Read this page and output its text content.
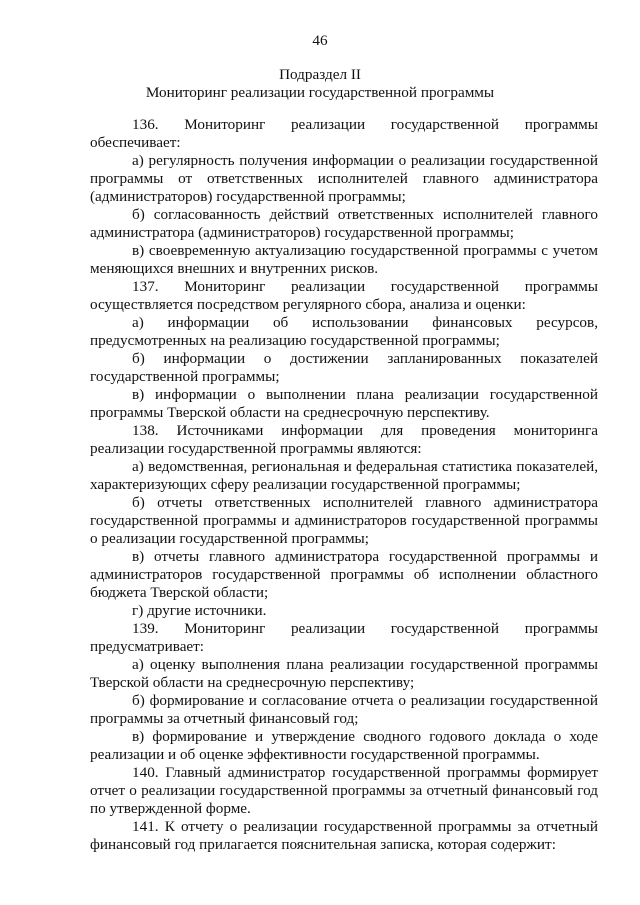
46
Подраздел II
Мониторинг реализации государственной программы

136. Мониторинг реализации государственной программы обеспечивает:

а) регулярность получения информации о реализации государственной программы от ответственных исполнителей главного администратора (администраторов) государственной программы;

б) согласованность действий ответственных исполнителей главного администратора (администраторов) государственной программы;

в) своевременную актуализацию государственной программы с учетом меняющихся внешних и внутренних рисков.

137. Мониторинг реализации государственной программы осуществляется посредством регулярного сбора, анализа и оценки:

а) информации об использовании финансовых ресурсов, предусмотренных на реализацию государственной программы;

б) информации о достижении запланированных показателей государственной программы;

в) информации о выполнении плана реализации государственной программы Тверской области на среднесрочную перспективу.

138. Источниками информации для проведения мониторинга реализации государственной программы являются:

а) ведомственная, региональная и федеральная статистика показателей, характеризующих сферу реализации государственной программы;

б) отчеты ответственных исполнителей главного администратора государственной программы и администраторов государственной программы о реализации государственной программы;

в) отчеты главного администратора государственной программы и администраторов государственной программы об исполнении областного бюджета Тверской области;

г) другие источники.

139. Мониторинг реализации государственной программы предусматривает:

а) оценку выполнения плана реализации государственной программы Тверской области на среднесрочную перспективу;

б) формирование и согласование отчета о реализации государственной программы за отчетный финансовый год;

в) формирование и утверждение сводного годового доклада о ходе реализации и об оценке эффективности государственной программы.

140. Главный администратор государственной программы формирует отчет о реализации государственной программы за отчетный финансовый год по утвержденной форме.

141. К отчету о реализации государственной программы за отчетный финансовый год прилагается пояснительная записка, которая содержит:
